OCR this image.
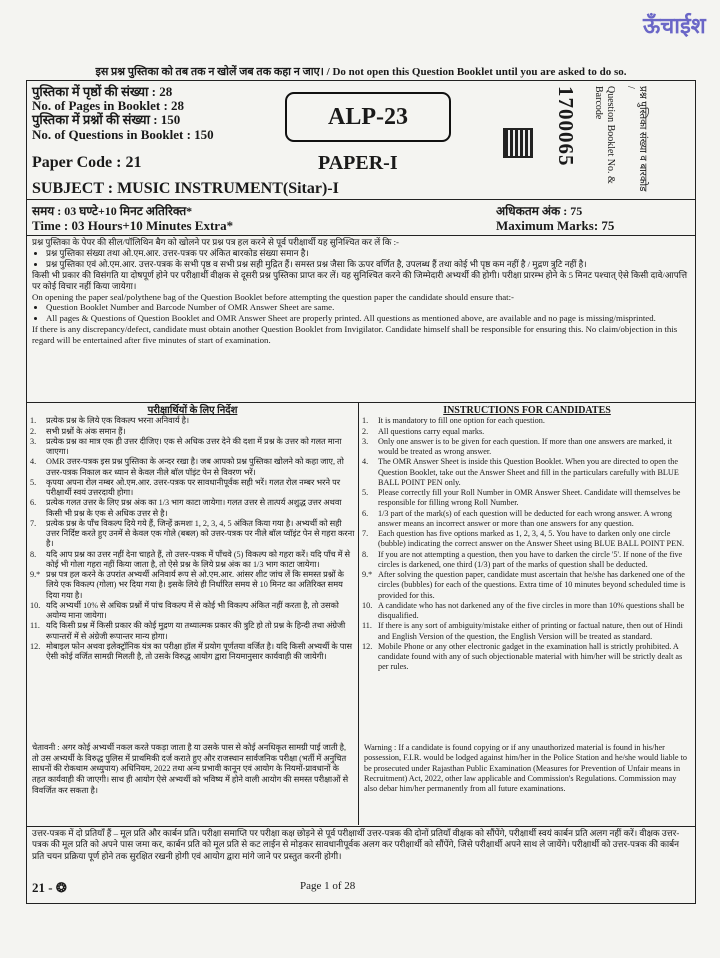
ऊँचाईश
इस प्रश्न पुस्तिका को तब तक न खोलें जब तक कहा न जाए। / Do not open this Question Booklet until you are asked to do so.
पुस्तिका में पृष्ठों की संख्या : 28
No. of Pages in Booklet : 28
पुस्तिका में प्रश्नों की संख्या : 150
No. of Questions in Booklet : 150
Paper Code : 21
ALP-23
PAPER-I	1700065	Question Booklet No. & Barcode	प्रश्न पुस्तिका संख्या व बारकोड /
SUBJECT : MUSIC INSTRUMENT(Sitar)-I
समय : 03 घण्टे+10 मिनट अतिरिक्त*
Time : 03 Hours+10 Minutes Extra*
अधिकतम अंक : 75
Maximum Marks: 75
प्रश्न पुस्तिका के पेपर की सील/पॉलिथिन बैग को खोलने पर प्रश्न पत्र हल करने से पूर्व परीक्षार्थी यह सुनिश्चित कर लें कि :-
• प्रश्न पुस्तिका संख्या तथा ओ.एम.आर. उत्तर-पत्रक पर अंकित बारकोड संख्या समान है।
• प्रश्न पुस्तिका एवं ओ.एम.आर. उत्तर-पत्रक के सभी पृष्ठ व सभी प्रश्न सही मुद्रित हैं। समस्त प्रश्न जैसा कि ऊपर वर्णित है, उपलब्ध हैं तथा कोई भी पृष्ठ कम नहीं है / मुद्रण त्रुटि नहीं है।
किसी भी प्रकार की विसंगति या दोषपूर्ण होने पर परीक्षार्थी वीक्षक से दूसरी प्रश्न पुस्तिका प्राप्त कर लें। यह सुनिश्चित करने की जिम्मेदारी अभ्यर्थी की होगी। परीक्षा प्रारम्भ होने के 5 मिनट पश्चात् ऐसे किसी दावे/आपत्ति पर कोई विचार नहीं किया जायेगा।
On opening the paper seal/polythene bag of the Question Booklet before attempting the question paper the candidate should ensure that:-
• Question Booklet Number and Barcode Number of OMR Answer Sheet are same.
• All pages & Questions of Question Booklet and OMR Answer Sheet are properly printed. All questions as mentioned above, are available and no page is missing/misprinted.
If there is any discrepancy/defect, candidate must obtain another Question Booklet from Invigilator. Candidate himself shall be responsible for ensuring this. No claim/objection in this regard will be entertained after five minutes of start of examination.
परीक्षार्थियों के लिए निर्देश
1.	प्रत्येक प्रश्न के लिये एक विकल्प भरना अनिवार्य है।
2.	सभी प्रश्नों के अंक समान हैं।
3.	प्रत्येक प्रश्न का मात्र एक ही उत्तर दीजिए। एक से अधिक उत्तर देने की दशा में प्रश्न के उत्तर को गलत माना जाएगा।
4.	OMR उत्तर-पत्रक इस प्रश्न पुस्तिका के अन्दर रखा है। जब आपको प्रश्न पुस्तिका खोलने को कहा जाए, तो उत्तर-पत्रक निकाल कर ध्यान से केवल नीले बॉल पॉइंट पेन से विवरण भरें।
5.	कृपया अपना रोल नम्बर ओ.एम.आर. उत्तर-पत्रक पर सावधानीपूर्वक सही भरें। गलत रोल नम्बर भरने पर परीक्षार्थी स्वयं उत्तरदायी होगा।
6.	प्रत्येक गलत उत्तर के लिए प्रश्न अंक का 1/3 भाग काटा जायेगा। गलत उत्तर से तात्पर्य अशुद्ध उत्तर अथवा किसी भी प्रश्न के एक से अधिक उत्तर से है।
7.	प्रत्येक प्रश्न के पाँच विकल्प दिये गये हैं, जिन्हें क्रमशः 1, 2, 3, 4, 5 अंकित किया गया है। अभ्यर्थी को सही उत्तर निर्दिष्ट करते हुए उनमें से केवल एक गोले (बबल) को उत्तर-पत्रक पर नीले बॉल प्वॉइंट पेन से गहरा करना है।
8.	यदि आप प्रश्न का उत्तर नहीं देना चाहते हैं, तो उत्तर-पत्रक में पाँचवे (5) विकल्प को गहरा करें। यदि पाँच में से कोई भी गोला गहरा नहीं किया जाता है, तो ऐसे प्रश्न के लिये प्रश्न अंक का 1/3 भाग काटा जायेगा।
9.* प्रश्न पत्र हल करने के उपरांत अभ्यर्थी अनिवार्य रूप से ओ.एम.आर. आंसर शीट जांच लें कि समस्त प्रश्नों के लिये एक विकल्प (गोला) भर दिया गया है। इसके लिये ही निर्धारित समय से 10 मिनट का अतिरिक्त समय दिया गया है।
10. यदि अभ्यर्थी 10% से अधिक प्रश्नों में पांच विकल्प में से कोई भी विकल्प अंकित नहीं करता है, तो उसको अयोग्य माना जायेगा।
11. यदि किसी प्रश्न में किसी प्रकार की कोई मुद्रण या तथ्यात्मक प्रकार की त्रुटि हो तो प्रश्न के हिन्दी तथा अंग्रेजी रूपान्तरों में से अंग्रेजी रूपान्तर मान्य होगा।
12. मोबाइल फोन अथवा इलेक्ट्रॉनिक यंत्र का परीक्षा हॉल में प्रयोग पूर्णतया वर्जित है। यदि किसी अभ्यर्थी के पास ऐसी कोई वर्जित सामग्री मिलती है, तो उसके विरुद्ध आयोग द्वारा नियमानुसार कार्यवाही की जायेगी।
INSTRUCTIONS FOR CANDIDATES
1.	It is mandatory to fill one option for each question.
2.	All questions carry equal marks.
3.	Only one answer is to be given for each question. If more than one answers are marked, it would be treated as wrong answer.
4.	The OMR Answer Sheet is inside this Question Booklet. When you are directed to open the Question Booklet, take out the Answer Sheet and fill in the particulars carefully with BLUE BALL POINT PEN only.
5.	Please correctly fill your Roll Number in OMR Answer Sheet. Candidate will themselves be responsible for filling wrong Roll Number.
6.	1/3 part of the mark(s) of each question will be deducted for each wrong answer. A wrong answer means an incorrect answer or more than one answers for any question.
7.	Each question has five options marked as 1, 2, 3, 4, 5. You have to darken only one circle (bubble) indicating the correct answer on the Answer Sheet using BLUE BALL POINT PEN.
8.	If you are not attempting a question, then you have to darken the circle '5'. If none of the five circles is darkened, one third (1/3) part of the marks of question shall be deducted.
9.* After solving the question paper, candidate must ascertain that he/she has darkened one of the circles (bubbles) for each of the questions. Extra time of 10 minutes beyond scheduled time is provided for this.
10. A candidate who has not darkened any of the five circles in more than 10% questions shall be disqualified.
11. If there is any sort of ambiguity/mistake either of printing or factual nature, then out of Hindi and English Version of the question, the English Version will be treated as standard.
12. Mobile Phone or any other electronic gadget in the examination hall is strictly prohibited. A candidate found with any of such objectionable material with him/her will be strictly dealt as per rules.
चेतावनी : अगर कोई अभ्यर्थी नकल करते पकड़ा जाता है या उसके पास से कोई अनधिकृत सामग्री पाई जाती है, तो उस अभ्यर्थी के विरुद्ध पुलिस में प्राथमिकी दर्ज कराते हुए और राजस्थान सार्वजनिक परीक्षा (भर्ती में अनुचित साधनों की रोकथाम अध्युपाय) अधिनियम, 2022 तथा अन्य प्रभावी कानून एवं आयोग के नियमों-प्रावधानों के तहत कार्यवाही की जाएगी। साथ ही आयोग ऐसे अभ्यर्थी को भविष्य में होने वाली आयोग की समस्त परीक्षाओं से विवर्जित कर सकता है।
Warning : If a candidate is found copying or if any unauthorized material is found in his/her possession, F.I.R. would be lodged against him/her in the Police Station and he/she would liable to be prosecuted under Rajasthan Public Examination (Measures for Prevention of Unfair means in Recruitment) Act, 2022, other law applicable and Commission's Regulations. Commission may also debar him/her permanently from all future examinations.
उत्तर-पत्रक में दो प्रतियाँ हैं – मूल प्रति और कार्बन प्रति। परीक्षा समाप्ति पर परीक्षा कक्ष छोड़ने से पूर्व परीक्षार्थी उत्तर-पत्रक की दोनों प्रतियाँ वीक्षक को सौंपेंगे, परीक्षार्थी स्वयं कार्बन प्रति अलग नहीं करें। वीक्षक उत्तर-पत्रक की मूल प्रति को अपने पास जमा कर, कार्बन प्रति को मूल प्रति से कट लाईन से मोड़कर सावधानीपूर्वक अलग कर परीक्षार्थी को सौंपेंगे, जिसे परीक्षार्थी अपने साथ ले जायेंगे। परीक्षार्थी को उत्तर-पत्रक की कार्बन प्रति चयन प्रक्रिया पूर्ण होने तक सुरक्षित रखनी होगी एवं आयोग द्वारा मांगे जाने पर प्रस्तुत करनी होगी।
21 - ❂	Page 1 of 28
